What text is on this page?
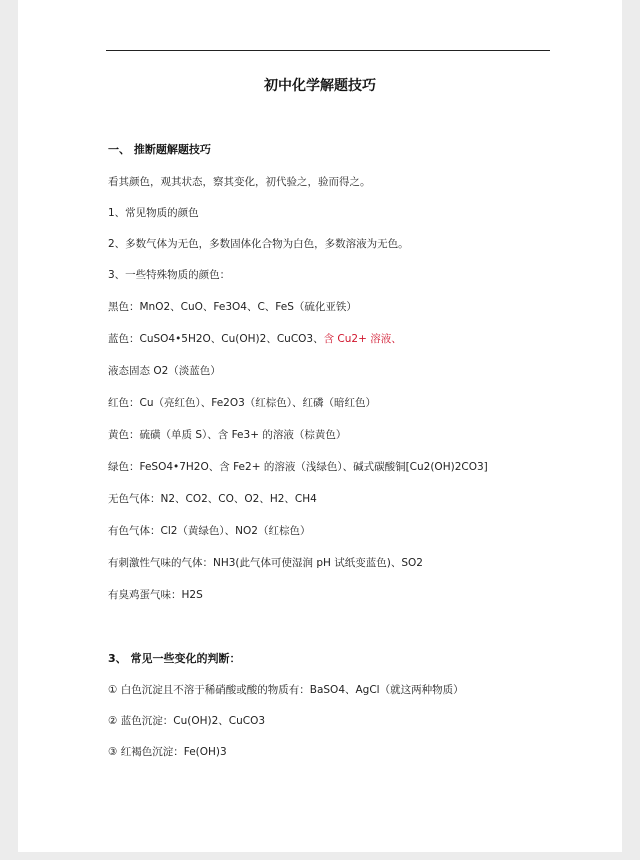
初中化学解题技巧
一、 推断题解题技巧
看其颜色，观其状态，察其变化，初代验之，验而得之。
1、常见物质的颜色
2、多数气体为无色，多数固体化合物为白色，多数溶液为无色。
3、一些特殊物质的颜色：
黑色：MnO2、CuO、Fe3O4、C、FeS（硫化亚铁）
蓝色：CuSO4•5H2O、Cu(OH)2、CuCO3、含 Cu2+ 溶液、
液态固态 O2（淡蓝色）
红色：Cu（亮红色）、Fe2O3（红棕色）、红磷（暗红色）
黄色：硫磺（单质 S）、含 Fe3+ 的溶液（棕黄色）
绿色：FeSO4•7H2O、含 Fe2+ 的溶液（浅绿色）、碱式碳酸铜[Cu2(OH)2CO3]
无色气体：N2、CO2、CO、O2、H2、CH4
有色气体：Cl2（黄绿色）、NO2（红棕色）
有刺激性气味的气体：NH3(此气体可使湿润 pH 试纸变蓝色)、SO2
有臭鸡蛋气味：H2S
3、 常见一些变化的判断：
① 白色沉淀且不溶于稀硝酸或酸的物质有：BaSO4、AgCl（就这两种物质）
② 蓝色沉淀：Cu(OH)2、CuCO3
③ 红褐色沉淀：Fe(OH)3
